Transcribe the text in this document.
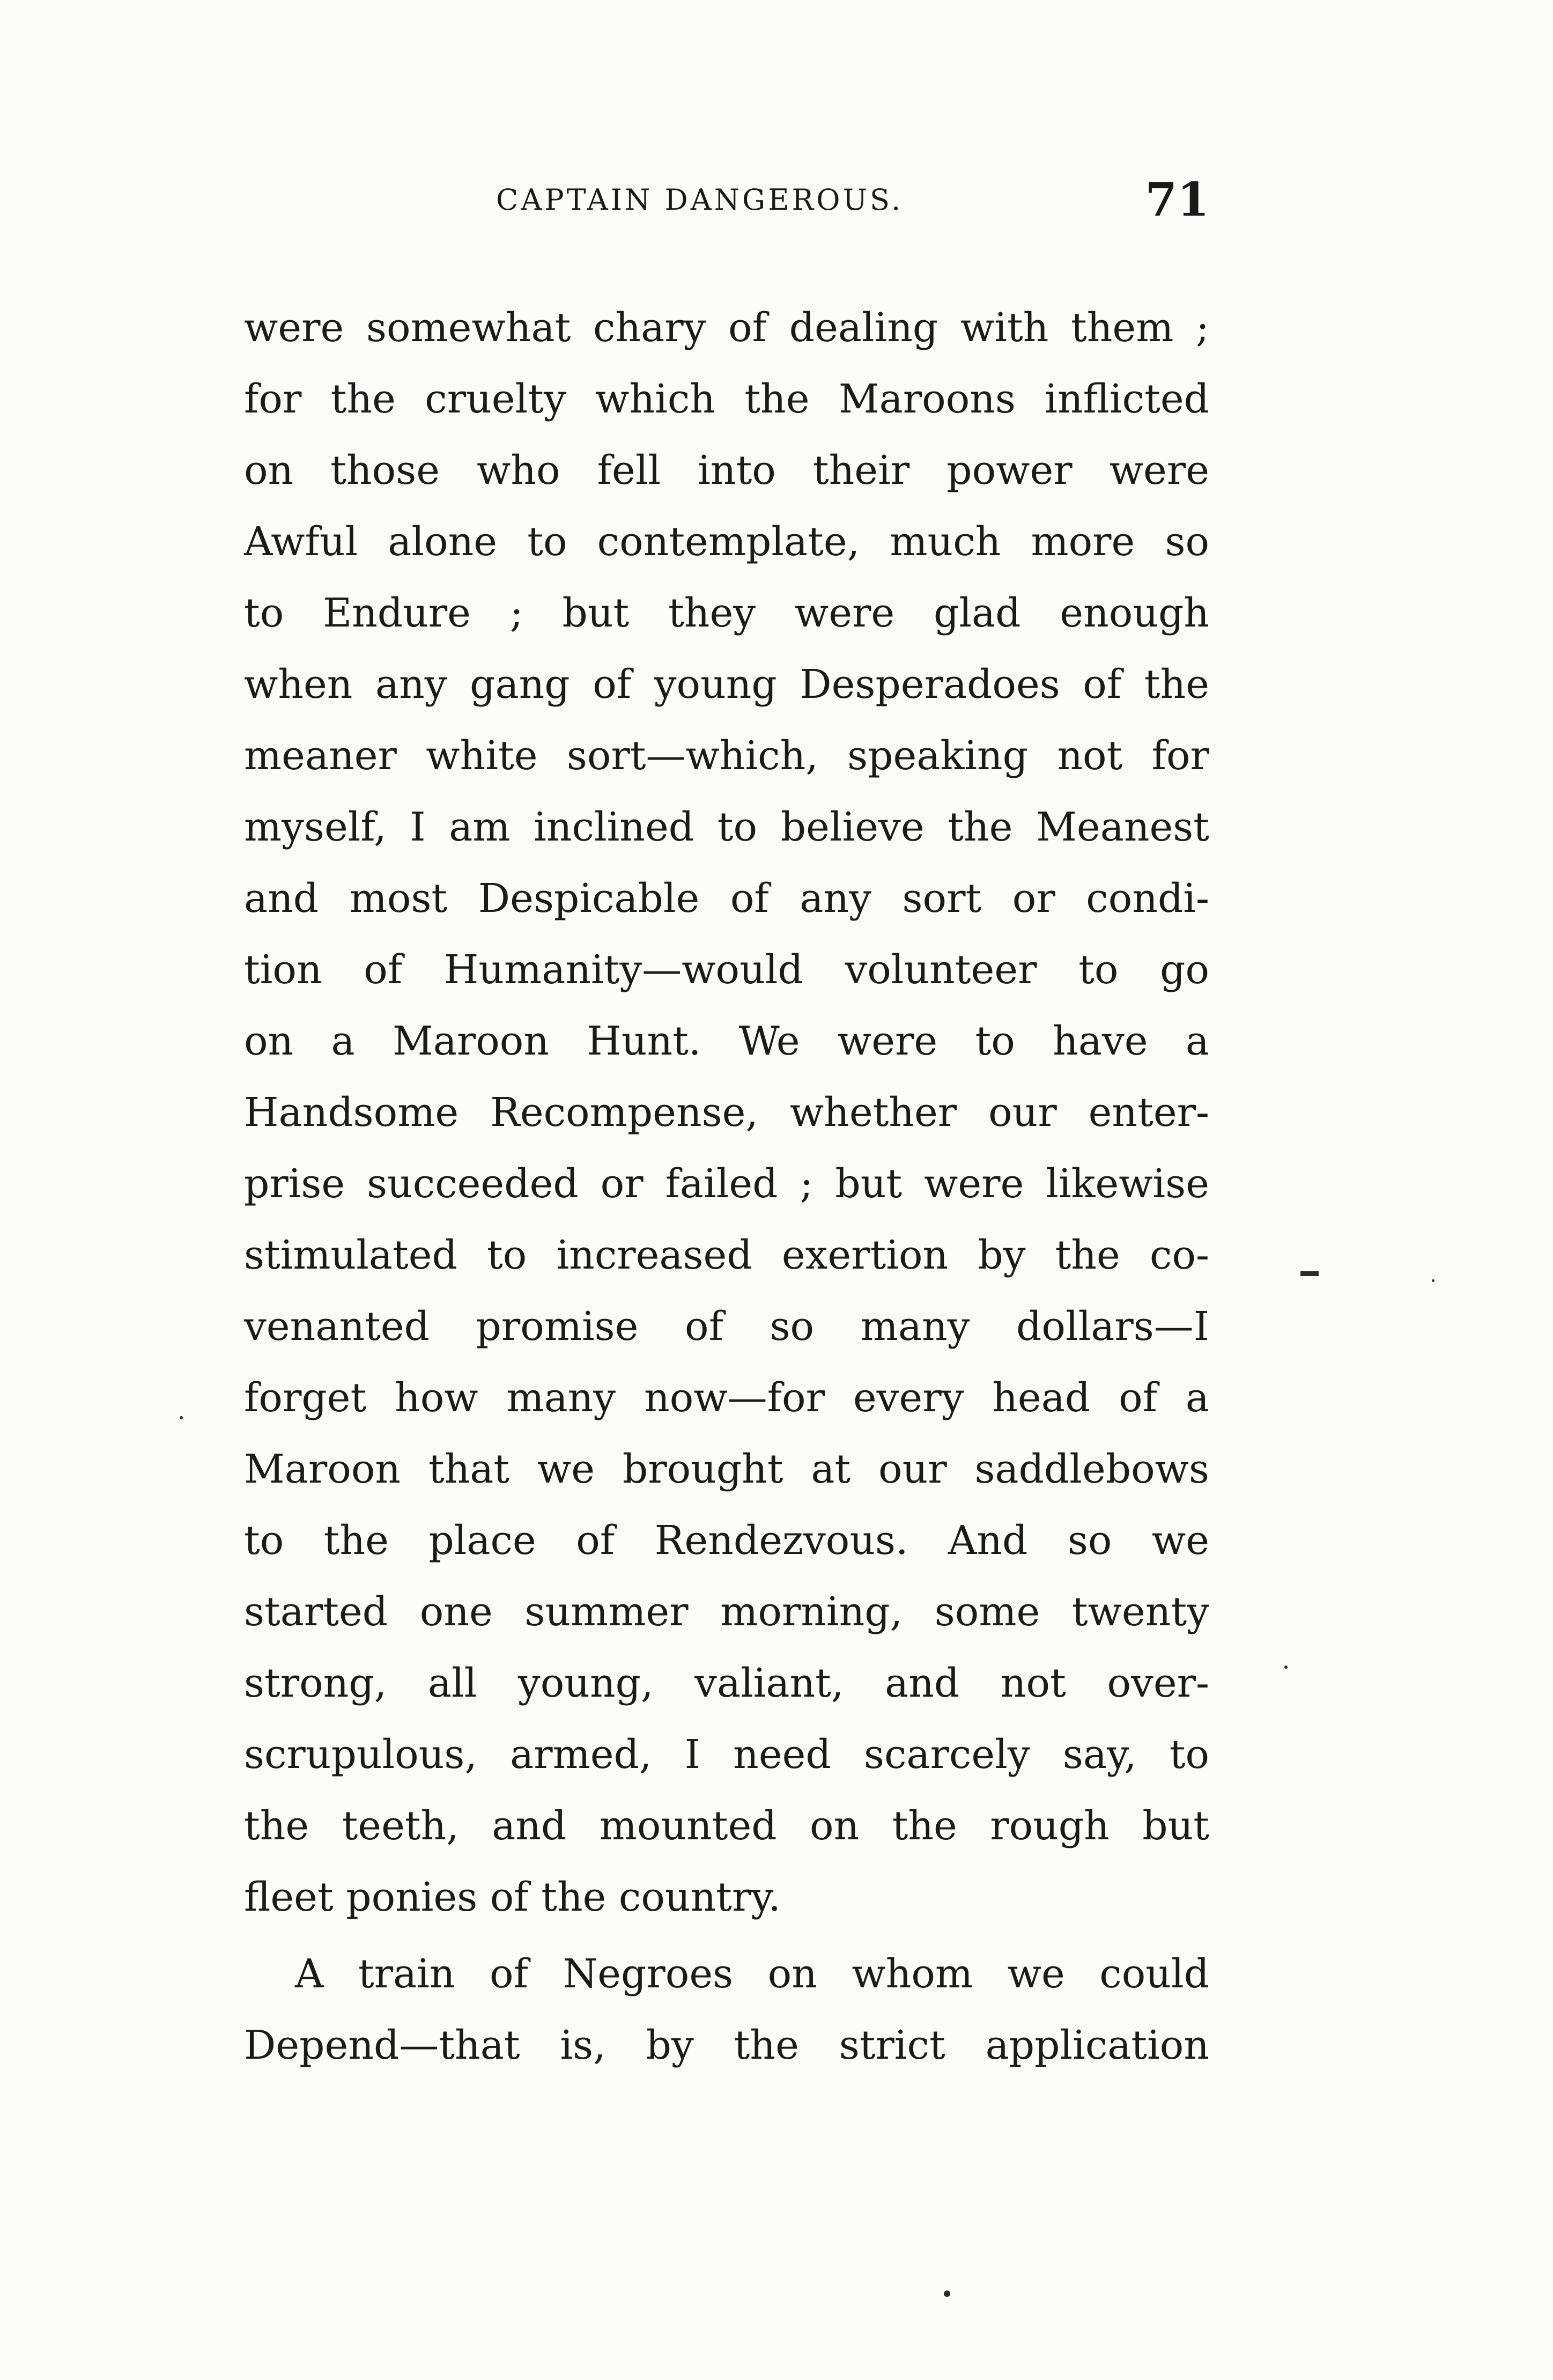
CAPTAIN DANGEROUS.	71
were somewhat chary of dealing with them ;
for the cruelty which the Maroons inflicted
on those who fell into their power were
Awful alone to contemplate, much more so
to Endure ; but they were glad enough
when any gang of young Desperadoes of the
meaner white sort—which, speaking not for
myself, I am inclined to believe the Meanest
and most Despicable of any sort or condi-
tion of Humanity—would volunteer to go
on a Maroon Hunt. We were to have a
Handsome Recompense, whether our enter-
prise succeeded or failed ; but were likewise
stimulated to increased exertion by the co-
venanted promise of so many dollars—I
forget how many now—for every head of a
Maroon that we brought at our saddlebows
to the place of Rendezvous. And so we
started one summer morning, some twenty
strong, all young, valiant, and not over-
scrupulous, armed, I need scarcely say, to
the teeth, and mounted on the rough but
fleet ponies of the country.
A train of Negroes on whom we could
Depend—that is, by the strict application
